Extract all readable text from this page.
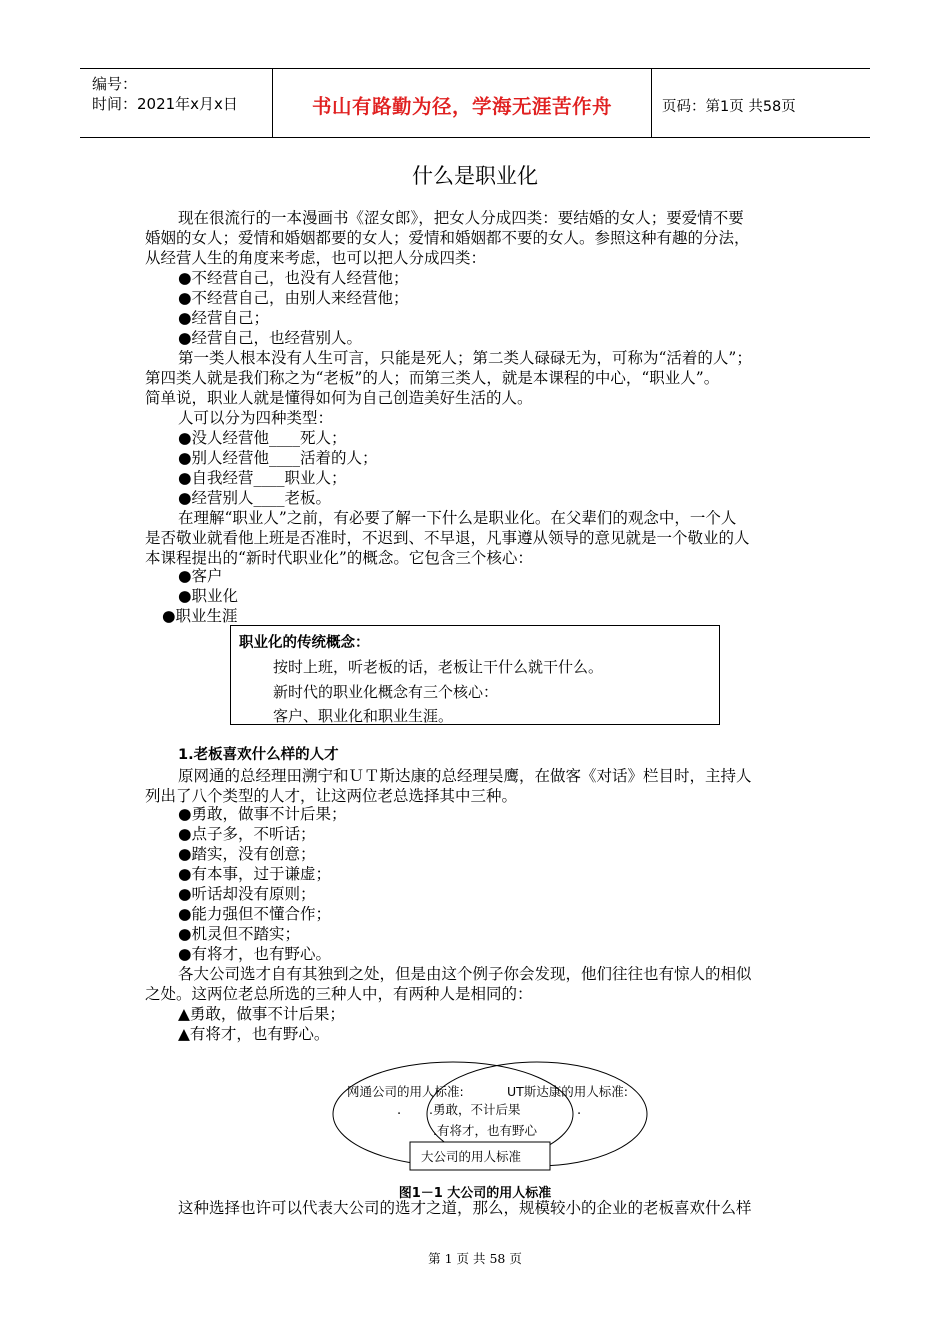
编号：
时间：2021年x月x日	书山有路勤为径，学海无涯苦作舟	页码：第1页 共58页
什么是职业化
现在很流行的一本漫画书《涩女郎》，把女人分成四类：要结婚的女人；要爱情不要
婚姻的女人；爱情和婚姻都要的女人；爱情和婚姻都不要的女人。参照这种有趣的分法，
从经营人生的角度来考虑，也可以把人分成四类：
●不经营自己，也没有人经营他；
●不经营自己，由别人来经营他；
●经营自己；
●经营自己，也经营别人。
第一类人根本没有人生可言，只能是死人；第二类人碌碌无为，可称为“活着的人”；
第四类人就是我们称之为“老板”的人；而第三类人，就是本课程的中心，“职业人”。
简单说，职业人就是懂得如何为自己创造美好生活的人。
人可以分为四种类型：
●没人经营他____死人；
●别人经营他____活着的人；
●自我经营____职业人；
●经营别人____老板。
在理解“职业人”之前，有必要了解一下什么是职业化。在父辈们的观念中，一个人
是否敬业就看他上班是否准时，不迟到、不早退，凡事遵从领导的意见就是一个敬业的人
本课程提出的“新时代职业化”的概念。它包含三个核心：
●客户
●职业化
●职业生涯
职业化的传统概念：
按时上班，听老板的话，老板让干什么就干什么。
新时代的职业化概念有三个核心：
客户、职业化和职业生涯。
1.老板喜欢什么样的人才
原网通的总经理田溯宁和ＵＴ斯达康的总经理吴鹰，在做客《对话》栏目时，主持人
列出了八个类型的人才，让这两位老总选择其中三种。
●勇敢，做事不计后果；
●点子多，不听话；
●踏实，没有创意；
●有本事，过于谦虚；
●听话却没有原则；
●能力强但不懂合作；
●机灵但不踏实；
●有将才，也有野心。
各大公司选才自有其独到之处，但是由这个例子你会发现，他们往往也有惊人的相似
之处。这两位老总所选的三种人中，有两种人是相同的：
▲勇敢，做事不计后果；
▲有将才，也有野心。
网通公司的用人标准:	UT斯达康的用人标准:
.	.
.勇敢，不计后果
.有将才，也有野心
大公司的用人标准
图1－1 大公司的用人标准
这种选择也许可以代表大公司的选才之道，那么，规模较小的企业的老板喜欢什么样
第 1 页 共 58 页
